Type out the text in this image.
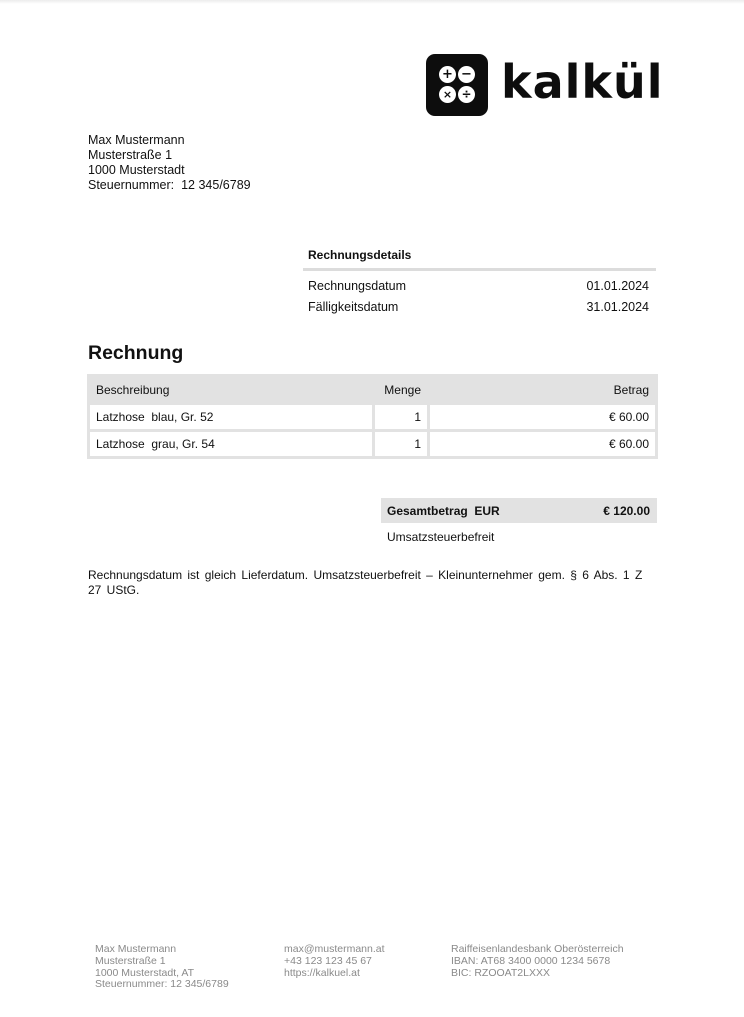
+ −
× ÷ kalkül
Max Mustermann
Musterstraße 1
1000 Musterstadt
Steuernummer:  12 345/6789
Rechnungsdetails
Rechnungsdatum	01.01.2024
Fälligkeitsdatum	31.01.2024
Rechnung
Beschreibung	Menge	Betrag
Latzhose  blau, Gr. 52	1	€ 60.00
Latzhose  grau, Gr. 54	1	€ 60.00
Gesamtbetrag  EUR	€ 120.00
Umsatzsteuerbefreit
Rechnungsdatum ist gleich Lieferdatum. Umsatzsteuerbefreit – Kleinunternehmer gem. § 6 Abs. 1 Z 27 UStG.
Max Mustermann
Musterstraße 1
1000 Musterstadt, AT
Steuernummer: 12 345/6789
max@mustermann.at
+43 123 123 45 67
https://kalkuel.at
Raiffeisenlandesbank Oberösterreich
IBAN: AT68 3400 0000 1234 5678
BIC: RZOOAT2LXXX
